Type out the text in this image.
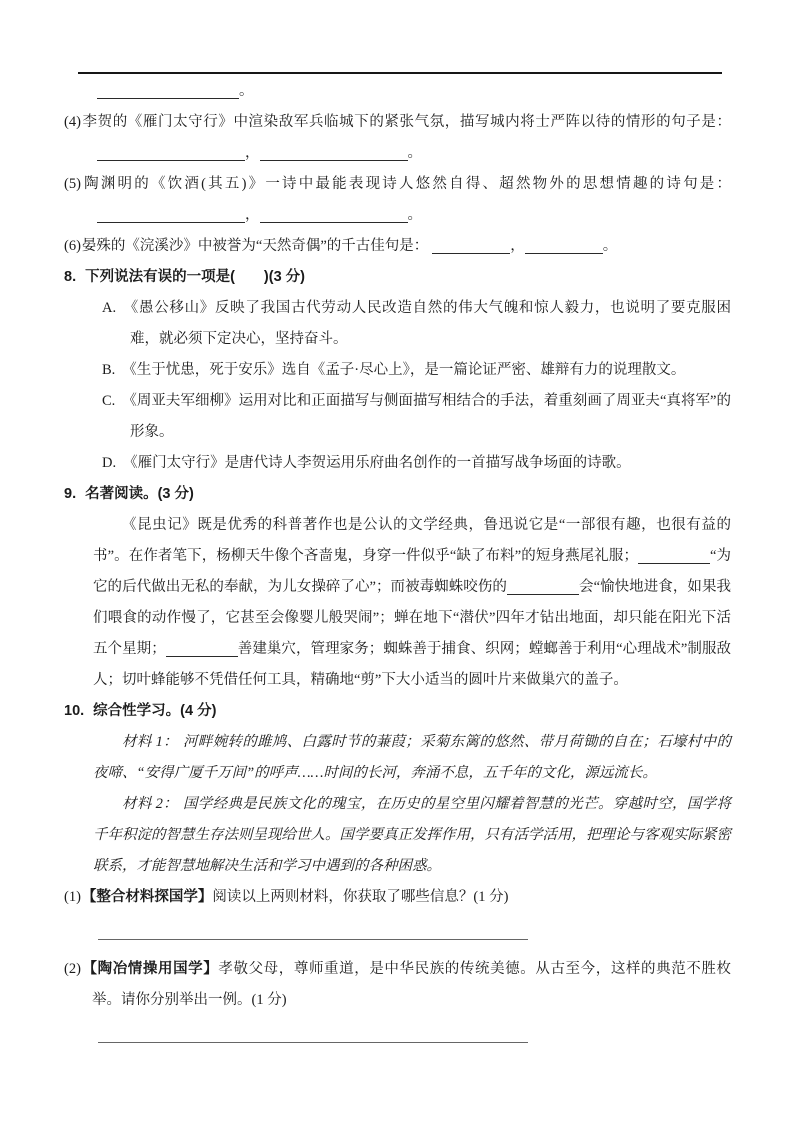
。

(4)李贺的《雁门太守行》中渲染敌军兵临城下的紧张气氛，描写城内将士严阵以待的情形的句子是：

，	。

(5)陶渊明的《饮酒(其五)》一诗中最能表现诗人悠然自得、超然物外的思想情趣的诗句是：

，	。

(6)晏殊的《浣溪沙》中被誉为“天然奇偶”的千古佳句是：	，	。

8. 下列说法有误的一项是(　　)(3 分)

A. 《愚公移山》反映了我国古代劳动人民改造自然的伟大气魄和惊人毅力，也说明了要克服困难，就必须下定决心，坚持奋斗。

B. 《生于忧患，死于安乐》选自《孟子·尽心上》，是一篇论证严密、雄辩有力的说理散文。

C. 《周亚夫军细柳》运用对比和正面描写与侧面描写相结合的手法，着重刻画了周亚夫“真将军”的形象。

D. 《雁门太守行》是唐代诗人李贺运用乐府曲名创作的一首描写战争场面的诗歌。

9. 名著阅读。(3 分)

《昆虫记》既是优秀的科普著作也是公认的文学经典，鲁迅说它是“一部很有趣，也很有益的书”。在作者笔下，杨柳天牛像个吝啬鬼，身穿一件似乎“缺了布料”的短身燕尾礼服；	“为它的后代做出无私的奉献，为儿女操碎了心”；而被毒蜘蛛咬伤的	会“愉快地进食，如果我们喂食的动作慢了，它甚至会像婴儿般哭闹”；蝉在地下“潜伏”四年才钻出地面，却只能在阳光下活五个星期；	善建巢穴，管理家务；蜘蛛善于捕食、织网；螳螂善于利用“心理战术”制服敌人；切叶蜂能够不凭借任何工具，精确地“剪”下大小适当的圆叶片来做巢穴的盖子。

10. 综合性学习。(4 分)

材料 1： 河畔婉转的雎鸠、白露时节的蒹葭；采菊东篱的悠然、带月荷锄的自在；石壕村中的夜啼、“安得广厦千万间”的呼声……时间的长河，奔涌不息，五千年的文化，源远流长。

材料 2： 国学经典是民族文化的瑰宝，在历史的星空里闪耀着智慧的光芒。穿越时空，国学将千年积淀的智慧生存法则呈现给世人。国学要真正发挥作用，只有活学活用，把理论与客观实际紧密联系，才能智慧地解决生活和学习中遇到的各种困惑。

(1)【整合材料探国学】阅读以上两则材料，你获取了哪些信息？(1 分)

(2)【陶冶情操用国学】孝敬父母，尊师重道，是中华民族的传统美德。从古至今，这样的典范不胜枚举。请你分别举出一例。(1 分)
